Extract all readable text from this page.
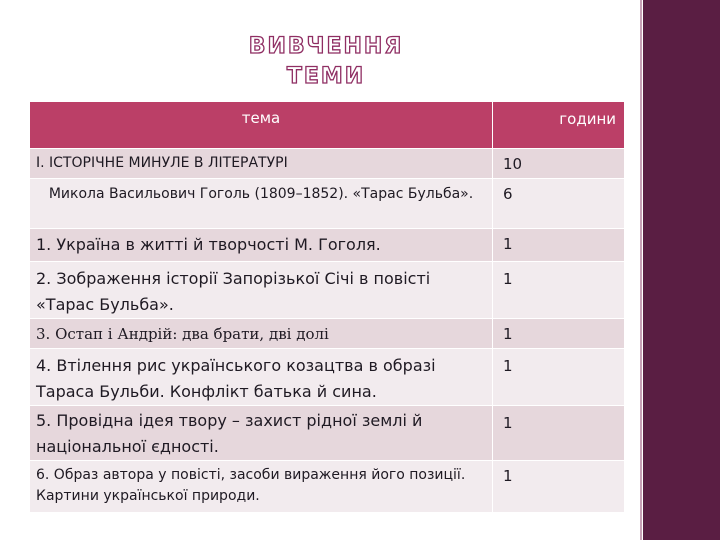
ВИВЧЕННЯ ТЕМИ
тема	години
І. ІСТОРІЧНЕ МИНУЛЕ В ЛІТЕРАТУРІ	10
Микола Васильович Гоголь (1809–1852). «Тарас Бульба».	6
1. Україна в житті й творчості М. Гоголя.	1
2. Зображення історії Запорізької Січі в повісті «Тарас Бульба».	1
3. Остап і Андрій: два брати, дві долі	1
4. Втілення рис українського козацтва в образі Тараса Бульби. Конфлікт батька й сина.	1
5. Провідна ідея твору – захист рідної землі й національної єдності.	1
6. Образ автора у повісті, засоби вираження його позиції. Картини української природи.	1
